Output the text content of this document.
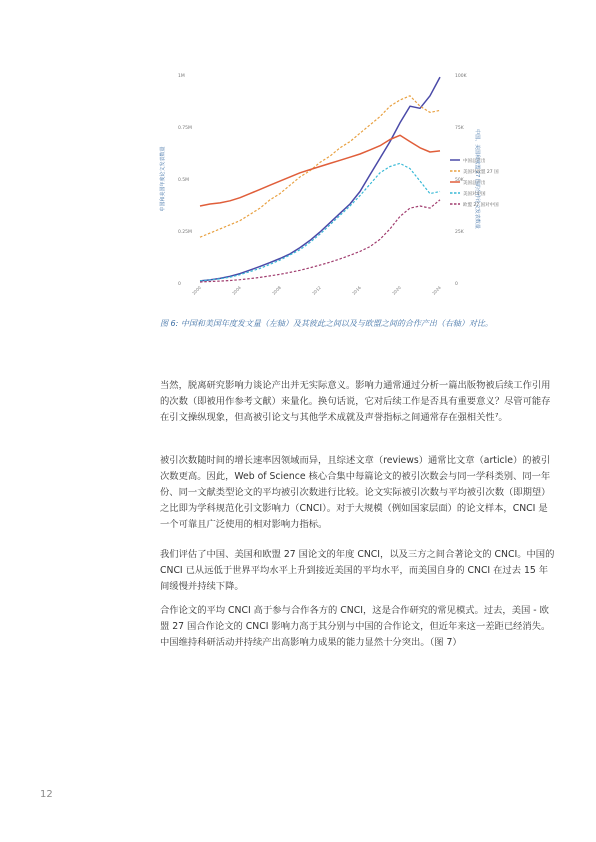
0
0.25M
0.5M
0.75M
1M
0
25K
50K
75K
100K
2000	2004	2008	2012	2016	2020	2024
中国和美国年度论文发表数量	中国、美国和欧盟 27 国的合作论文发表数量
中国总产出
美国对欧盟 27 国
美国总产出
美国对中国
欧盟 27 国对中国
图 6: 中国和美国年度发文量（左轴）及其彼此之间以及与欧盟之间的合作产出（右轴）对比。

当然，脱离研究影响力谈论产出并无实际意义。影响力通常通过分析一篇出版物被后续工作引用的次数（即被用作参考文献）来量化。换句话说，它对后续工作是否具有重要意义？尽管可能存在引文操纵现象，但高被引论文与其他学术成就及声誉指标之间通常存在强相关性⁷。

被引次数随时间的增长速率因领域而异，且综述文章（reviews）通常比文章（article）的被引次数更高。因此，Web of Science 核心合集中每篇论文的被引次数会与同一学科类别、同一年份、同一文献类型论文的平均被引次数进行比较。论文实际被引次数与平均被引次数（即期望）之比即为学科规范化引文影响力（CNCI）。对于大规模（例如国家层面）的论文样本，CNCI 是一个可靠且广泛使用的相对影响力指标。

我们评估了中国、美国和欧盟 27 国论文的年度 CNCI，以及三方之间合著论文的 CNCI。中国的 CNCI 已从远低于世界平均水平上升到接近美国的平均水平，而美国自身的 CNCI 在过去 15 年间缓慢并持续下降。

合作论文的平均 CNCI 高于参与合作各方的 CNCI，这是合作研究的常见模式。过去，美国 - 欧盟 27 国合作论文的 CNCI 影响力高于其分别与中国的合作论文，但近年来这一差距已经消失。中国维持科研活动并持续产出高影响力成果的能力显然十分突出。（图 7）

12
